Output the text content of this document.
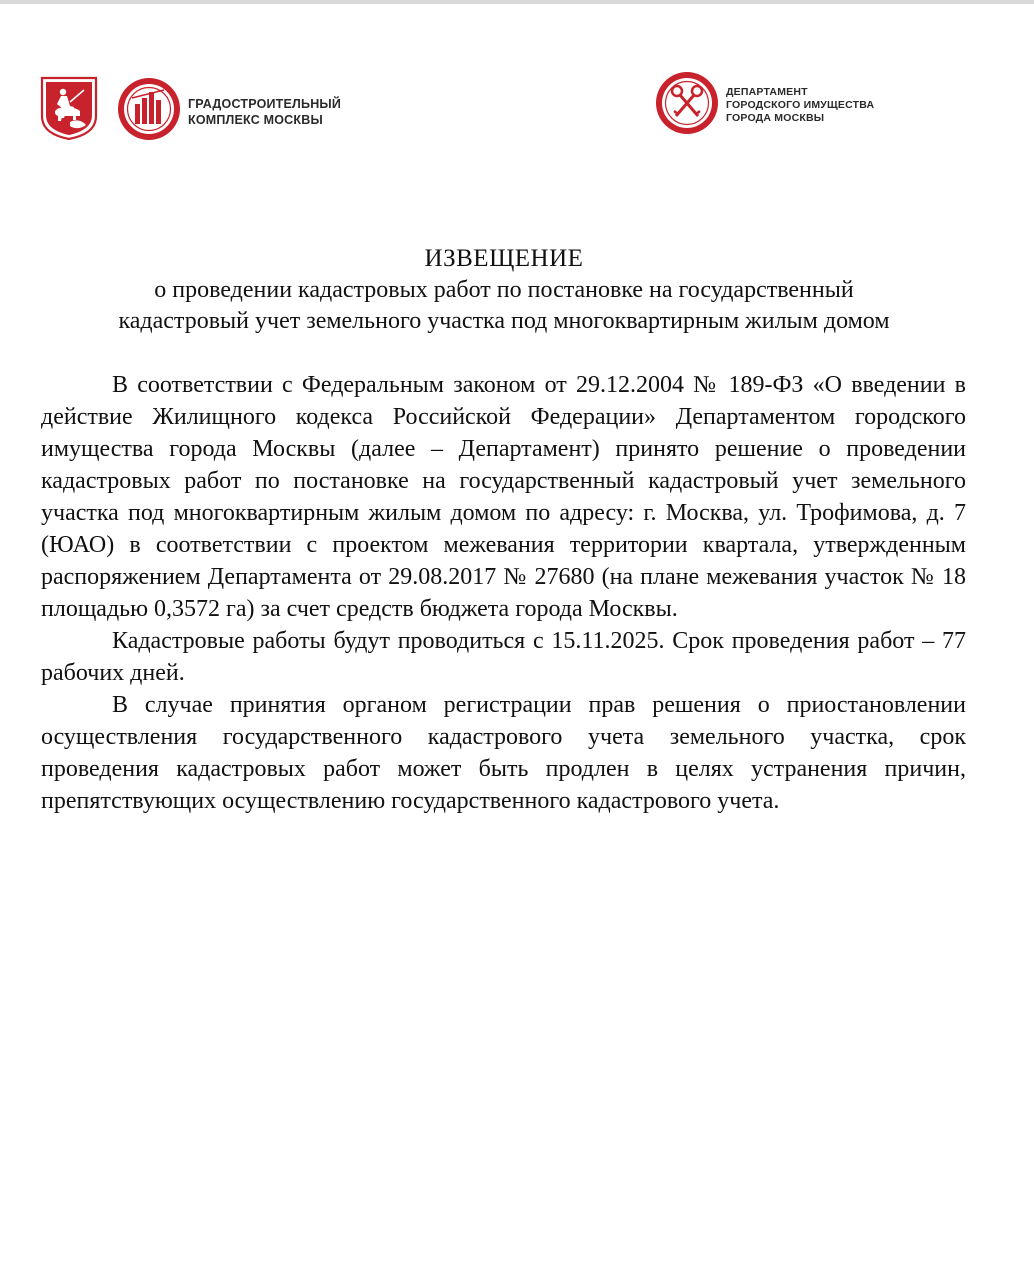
ГРАДОСТРОИТЕЛЬНЫЙ
КОМПЛЕКС МОСКВЫ
ДЕПАРТАМЕНТ
ГОРОДСКОГО ИМУЩЕСТВА
ГОРОДА МОСКВЫ
ИЗВЕЩЕНИЕ
о проведении кадастровых работ по постановке на государственный
кадастровый учет земельного участка под многоквартирным жилым домом

В соответствии с Федеральным законом от 29.12.2004 № 189-ФЗ «О введении в действие Жилищного кодекса Российской Федерации» Департаментом городского имущества города Москвы (далее – Департамент) принято решение о проведении кадастровых работ по постановке на государственный кадастровый учет земельного участка под многоквартирным жилым домом по адресу: г. Москва, ул. Трофимова, д. 7 (ЮАО) в соответствии с проектом межевания территории квартала, утвержденным распоряжением Департамента от 29.08.2017 № 27680 (на плане межевания участок № 18 площадью 0,3572 га) за счет средств бюджета города Москвы.

Кадастровые работы будут проводиться с 15.11.2025. Срок проведения работ – 77 рабочих дней.

В случае принятия органом регистрации прав решения о приостановлении осуществления государственного кадастрового учета земельного участка, срок проведения кадастровых работ может быть продлен в целях устранения причин, препятствующих осуществлению государственного кадастрового учета.
